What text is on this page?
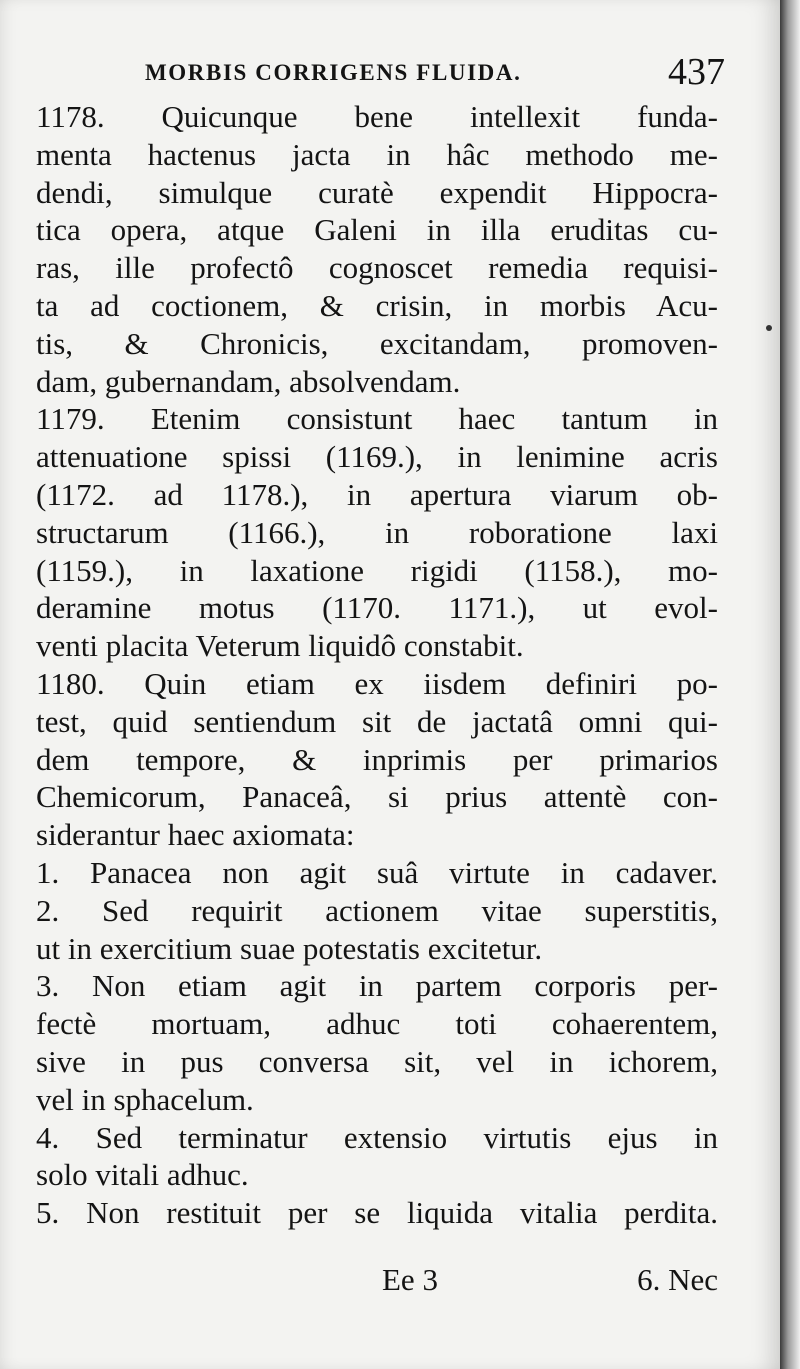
MORBIS CORRIGENS FLUIDA.	437
1178. Quicunque bene intellexit funda-
menta hactenus jacta in hâc methodo me-
dendi, simulque curatè expendit Hippocra-
tica opera, atque Galeni in illa eruditas cu-
ras, ille profectô cognoscet remedia requisi-
ta ad coctionem, & crisin, in morbis Acu-
tis, & Chronicis, excitandam, promoven-
dam, gubernandam, absolvendam.
1179. Etenim consistunt haec tantum in
attenuatione spissi (1169.), in lenimine acris
(1172. ad 1178.), in apertura viarum ob-
structarum (1166.), in roboratione laxi
(1159.), in laxatione rigidi (1158.), mo-
deramine motus (1170. 1171.), ut evol-
venti placita Veterum liquidô constabit.
1180. Quin etiam ex iisdem definiri po-
test, quid sentiendum sit de jactatâ omni qui-
dem tempore, & inprimis per primarios
Chemicorum, Panaceâ, si prius attentè con-
siderantur haec axiomata:
1. Panacea non agit suâ virtute in cadaver.
2. Sed requirit actionem vitae superstitis,
ut in exercitium suae potestatis excitetur.
3. Non etiam agit in partem corporis per-
fectè mortuam, adhuc toti cohaerentem,
sive in pus conversa sit, vel in ichorem,
vel in sphacelum.
4. Sed terminatur extensio virtutis ejus in
solo vitali adhuc.
5. Non restituit per se liquida vitalia perdita.
Ee 3	6. Nec
